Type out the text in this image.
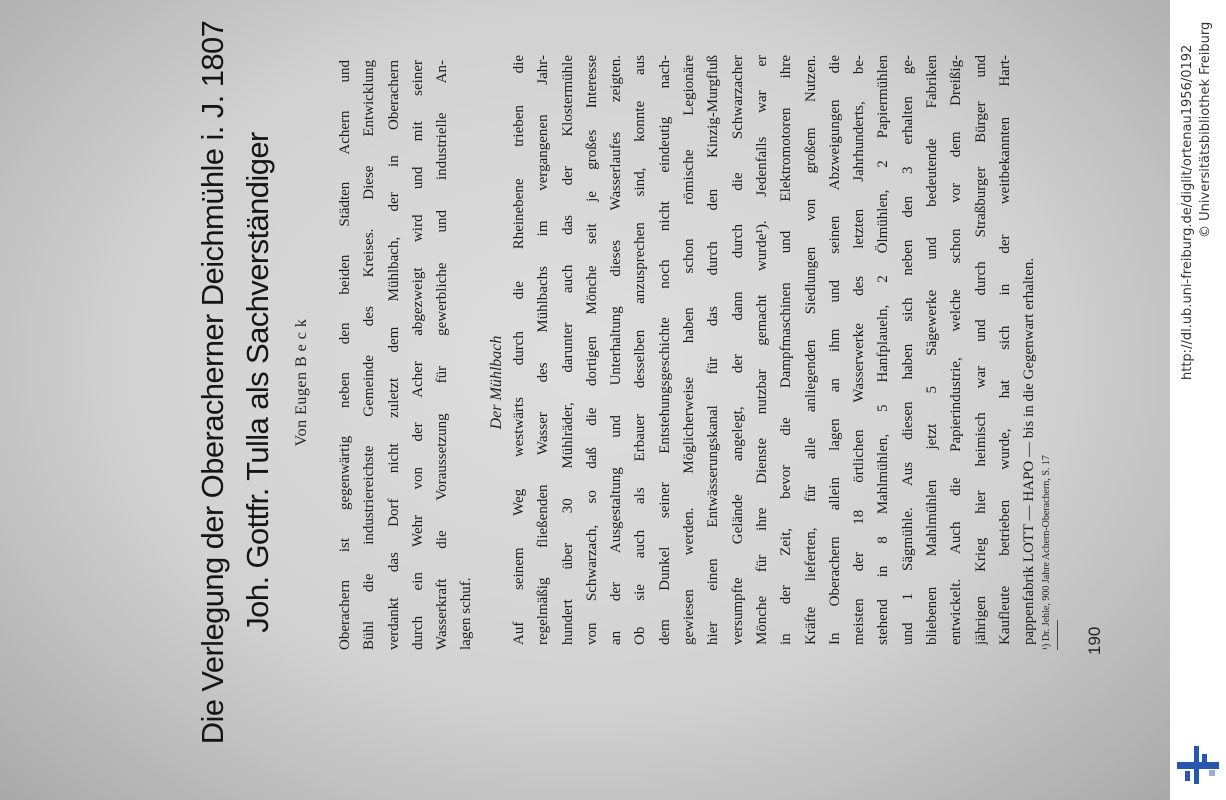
190
¹) Dr. Jehle, 900 Jahre Achern-Oberachern, S. 17

Auf seinem Weg westwärts durch die Rheinebene trieben die regelmäßig fließenden Wasser des Mühlbachs im vergangenen Jahr- hundert über 30 Mühlräder, darunter auch das der Klostermühle von Schwarzach, so daß die dortigen Mönche seit je großes Interesse an der Ausgestaltung und Unterhaltung dieses Wasserlaufes zeigten. Ob sie auch als Erbauer desselben anzusprechen sind, konnte aus dem Dunkel seiner Entstehungsgeschichte noch nicht eindeutig nach- gewiesen werden. Möglicherweise haben schon römische Legionäre hier einen Entwässerungskanal für das durch den Kinzig-Murgfluß versumpfte Gelände angelegt, der dann durch die Schwarzacher Mönche für ihre Dienste nutzbar gemacht wurde¹). Jedenfalls war er in der Zeit, bevor die Dampfmaschinen und Elektromotoren ihre Kräfte lieferten, für alle anliegenden Siedlungen von großem Nutzen. In Oberachern allein lagen an ihm und seinen Abzweigungen die meisten der 18 örtlichen Wasserwerke des letzten Jahrhunderts, be- stehend in 8 Mahlmühlen, 5 Hanfplaueln, 2 Ölmühlen, 2 Papiermühlen und 1 Sägmühle. Aus diesen haben sich neben den 3 erhalten ge- bliebenen Mahlmühlen jetzt 5 Sägewerke und bedeutende Fabriken entwickelt. Auch die Papierindustrie, welche schon vor dem Dreißig- jährigen Krieg hier heimisch war und durch Straßburger Bürger und Kaufleute betrieben wurde, hat sich in der weitbekannten Hart- pappenfabrik LOTT — HAPO — bis in die Gegenwart erhalten.

Der Mühlbach

Oberachern ist gegenwärtig neben den beiden Städten Achern und Bühl die industriereichste Gemeinde des Kreises. Diese Entwicklung verdankt das Dorf nicht zuletzt dem Mühlbach, der in Oberachern durch ein Wehr von der Acher abgezweigt wird und mit seiner Wasserkraft die Voraussetzung für gewerbliche und industrielle An- lagen schuf.

Von Eugen B e c k
Joh. Gottfr. Tulla als Sachverständiger
Die Verlegung der Oberacherner Deichmühle i. J. 1807	http://dl.ub.uni-freiburg.de/diglit/ortenau1956/0192 © Universitätsbibliothek Freiburg
